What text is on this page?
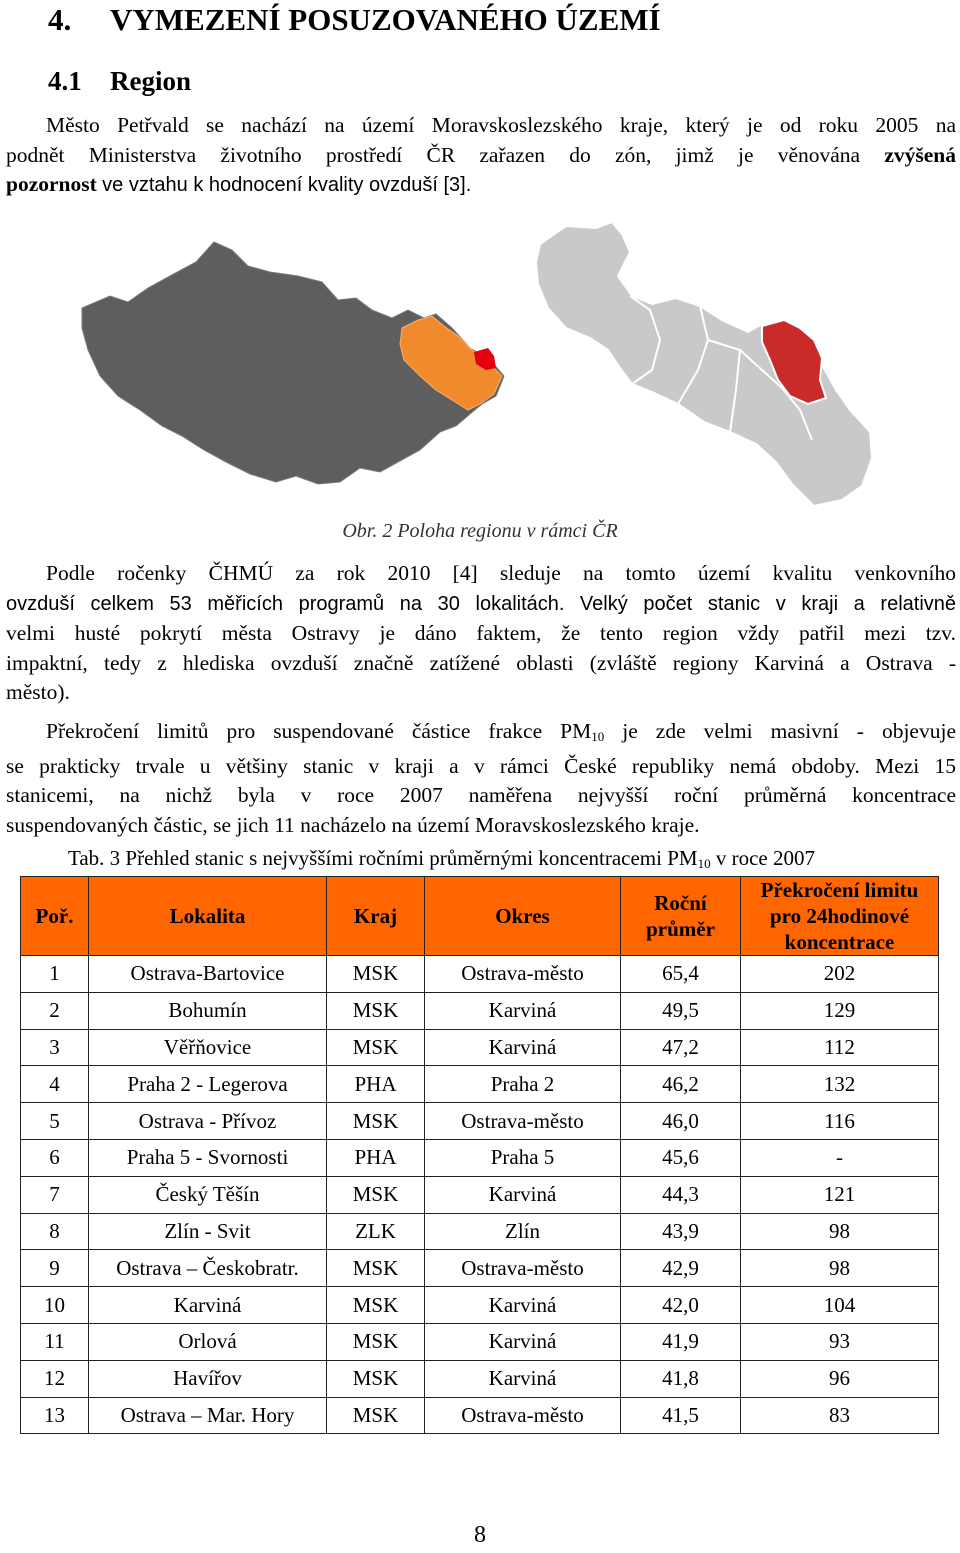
4. VYMEZENÍ POSUZOVANÉHO ÚZEMÍ
4.1 Region
Město Petřvald se nachází na území Moravskoslezského kraje, který je od roku 2005 na
podnět Ministerstva životního prostředí ČR zařazen do zón, jimž je věnována zvýšená
pozornost ve vztahu k hodnocení kvality ovzduší [3].
Obr. 2 Poloha regionu v rámci ČR
Podle ročenky ČHMÚ za rok 2010 [4] sleduje na tomto území kvalitu venkovního
ovzduší celkem 53 měřicích programů na 30 lokalitách. Velký počet stanic v kraji a relativně
velmi husté pokrytí města Ostravy je dáno faktem, že tento region vždy patřil mezi tzv.
impaktní, tedy z hlediska ovzduší značně zatížené oblasti (zvláště regiony Karviná a Ostrava -
město).
Překročení limitů pro suspendované částice frakce $PM_{10}$ je zde velmi masivní - objevuje
se prakticky trvale u většiny stanic v kraji a v rámci České republiky nemá obdoby. Mezi 15
stanicemi, na nichž byla v roce 2007 naměřena nejvyšší roční průměrná koncentrace
suspendovaných částic, se jich 11 nacházelo na území Moravskoslezského kraje.
Tab. 3 Přehled stanic s nejvyššími ročními průměrnými koncentracemi $PM_{10}$ v roce 2007
Poř.	Lokalita	Kraj	Okres	Roční
průměr	Překročení limitu
pro 24hodinové
koncentrace
1	Ostrava-Bartovice	MSK	Ostrava-město	65,4	202
2	Bohumín	MSK	Karviná	49,5	129
3	Věřňovice	MSK	Karviná	47,2	112
4	Praha 2 - Legerova	PHA	Praha 2	46,2	132
5	Ostrava - Přívoz	MSK	Ostrava-město	46,0	116
6	Praha 5 - Svornosti	PHA	Praha 5	45,6	-
7	Český Těšín	MSK	Karviná	44,3	121
8	Zlín - Svit	ZLK	Zlín	43,9	98
9	Ostrava – Českobratr.	MSK	Ostrava-město	42,9	98
10	Karviná	MSK	Karviná	42,0	104
11	Orlová	MSK	Karviná	41,9	93
12	Havířov	MSK	Karviná	41,8	96
13	Ostrava – Mar. Hory	MSK	Ostrava-město	41,5	83
8
